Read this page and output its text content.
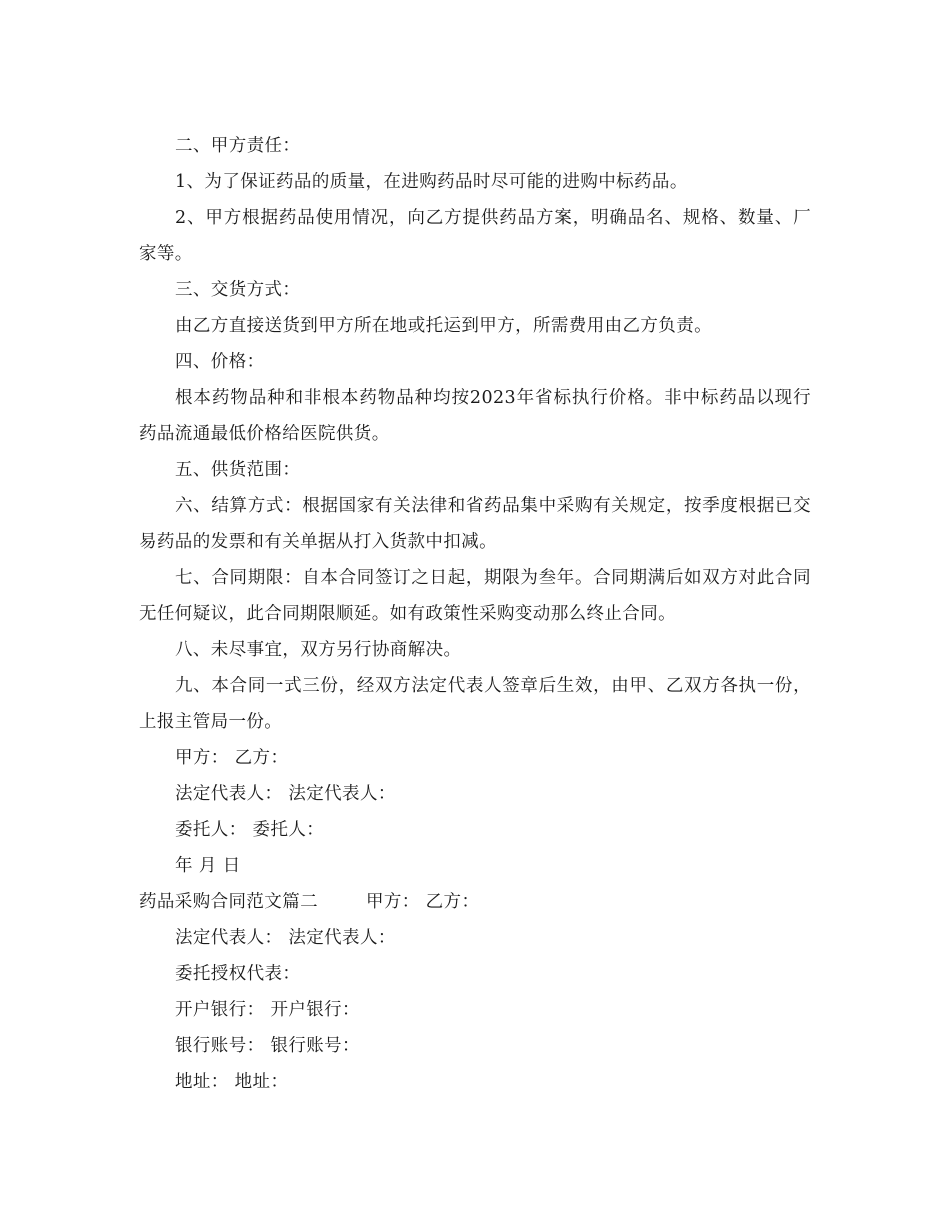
二、甲方责任：

1、为了保证药品的质量，在进购药品时尽可能的进购中标药品。

2、甲方根据药品使用情况，向乙方提供药品方案，明确品名、规格、数量、厂家等。

三、交货方式：

由乙方直接送货到甲方所在地或托运到甲方，所需费用由乙方负责。

四、价格：

根本药物品种和非根本药物品种均按2023年省标执行价格。非中标药品以现行药品流通最低价格给医院供货。

五、供货范围：

六、结算方式：根据国家有关法律和省药品集中采购有关规定，按季度根据已交易药品的发票和有关单据从打入货款中扣减。

七、合同期限：自本合同签订之日起，期限为叁年。合同期满后如双方对此合同无任何疑议，此合同期限顺延。如有政策性采购变动那么终止合同。

八、未尽事宜，双方另行协商解决。

九、本合同一式三份，经双方法定代表人签章后生效，由甲、乙双方各执一份，上报主管局一份。

甲方： 乙方：

法定代表人： 法定代表人：

委托人： 委托人：

年 月 日

药品采购合同范文篇二	甲方： 乙方：

法定代表人： 法定代表人：

委托授权代表：

开户银行： 开户银行：

银行账号： 银行账号：

地址： 地址：
